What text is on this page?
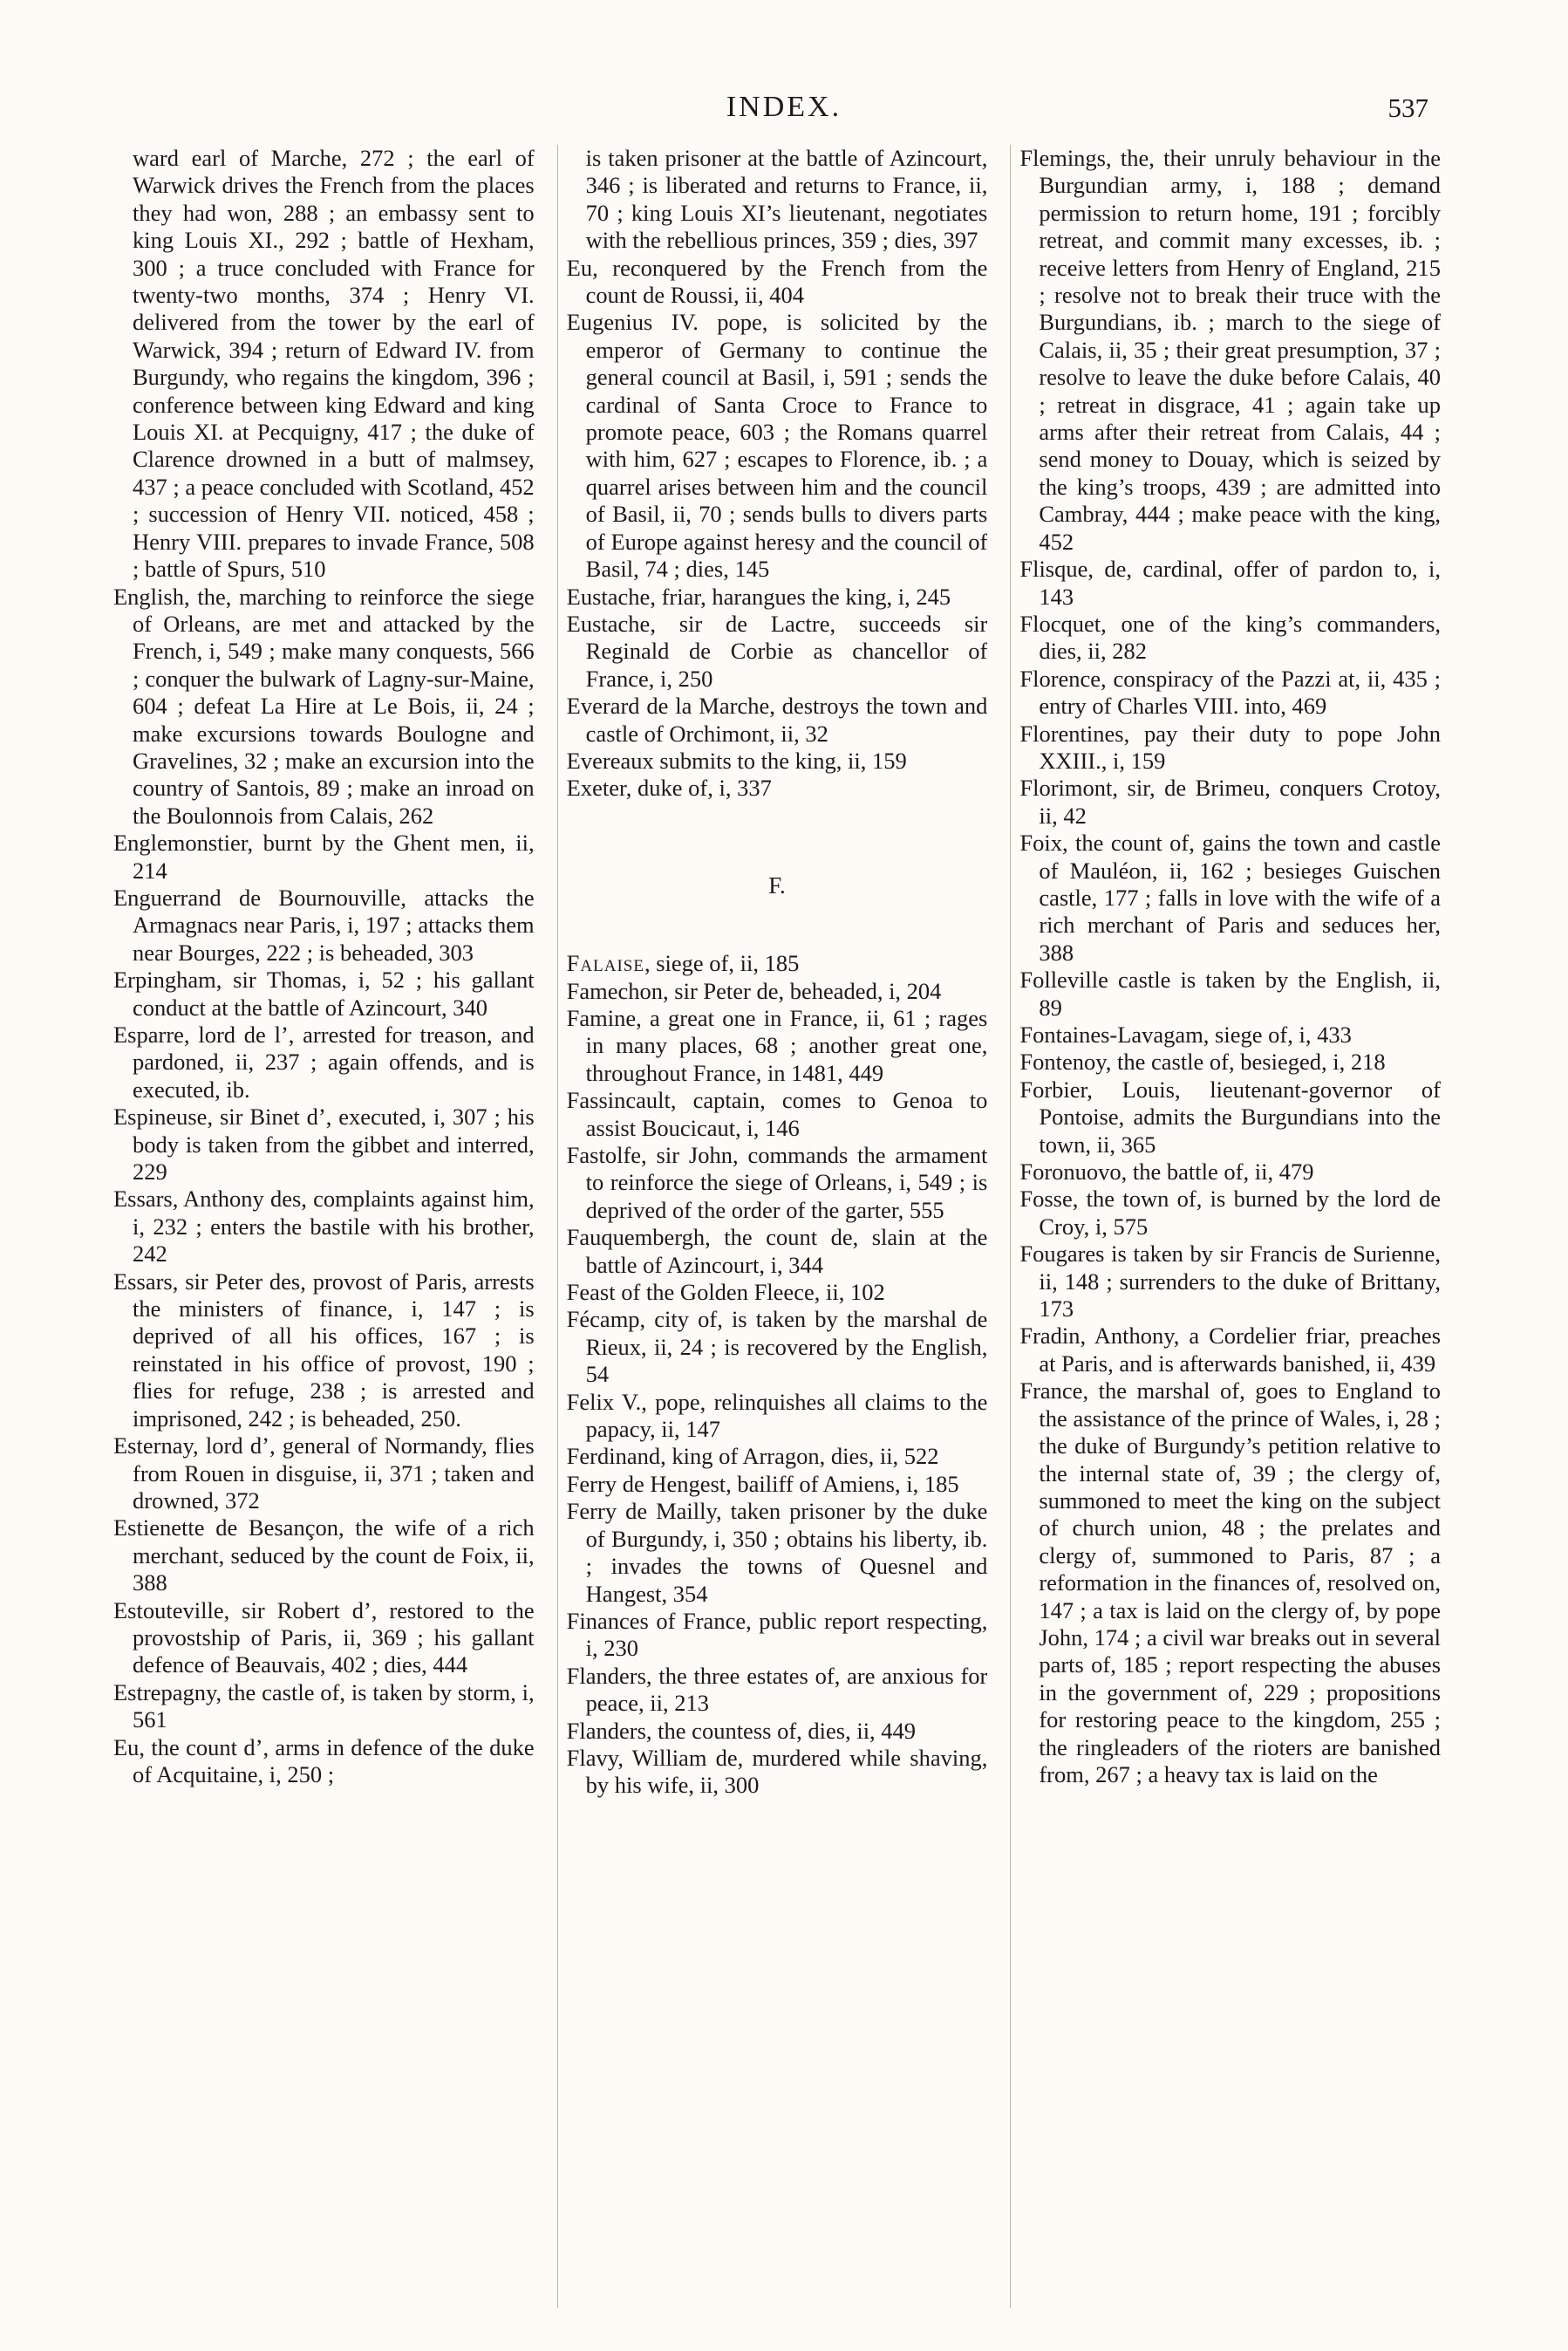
INDEX.	537

ward earl of Marche, 272 ; the earl of Warwick drives the French from the places they had won, 288 ; an embassy sent to king Louis XI., 292 ; battle of Hexham, 300 ; a truce concluded with France for twenty-two months, 374 ; Henry VI. delivered from the tower by the earl of Warwick, 394 ; return of Edward IV. from Burgundy, who regains the kingdom, 396 ; conference between king Edward and king Louis XI. at Pecquigny, 417 ; the duke of Clarence drowned in a butt of malmsey, 437 ; a peace concluded with Scotland, 452 ; succession of Henry VII. noticed, 458 ; Henry VIII. prepares to invade France, 508 ; battle of Spurs, 510

English, the, marching to reinforce the siege of Orleans, are met and attacked by the French, i, 549 ; make many conquests, 566 ; conquer the bulwark of Lagny-sur-Maine, 604 ; defeat La Hire at Le Bois, ii, 24 ; make excursions towards Boulogne and Gravelines, 32 ; make an excursion into the country of Santois, 89 ; make an inroad on the Boulonnois from Calais, 262

Englemonstier, burnt by the Ghent men, ii, 214

Enguerrand de Bournouville, attacks the Armagnacs near Paris, i, 197 ; attacks them near Bourges, 222 ; is beheaded, 303

Erpingham, sir Thomas, i, 52 ; his gallant conduct at the battle of Azincourt, 340

Esparre, lord de l’, arrested for treason, and pardoned, ii, 237 ; again offends, and is executed, ib.

Espineuse, sir Binet d’, executed, i, 307 ; his body is taken from the gibbet and interred, 229

Essars, Anthony des, complaints against him, i, 232 ; enters the bastile with his brother, 242

Essars, sir Peter des, provost of Paris, arrests the ministers of finance, i, 147 ; is deprived of all his offices, 167 ; is reinstated in his office of provost, 190 ; flies for refuge, 238 ; is arrested and imprisoned, 242 ; is beheaded, 250.

Esternay, lord d’, general of Normandy, flies from Rouen in disguise, ii, 371 ; taken and drowned, 372

Estienette de Besançon, the wife of a rich merchant, seduced by the count de Foix, ii, 388

Estouteville, sir Robert d’, restored to the provostship of Paris, ii, 369 ; his gallant defence of Beauvais, 402 ; dies, 444

Estrepagny, the castle of, is taken by storm, i, 561

Eu, the count d’, arms in defence of the duke of Acquitaine, i, 250 ;

is taken prisoner at the battle of Azincourt, 346 ; is liberated and returns to France, ii, 70 ; king Louis XI’s lieutenant, negotiates with the rebellious princes, 359 ; dies, 397

Eu, reconquered by the French from the count de Roussi, ii, 404

Eugenius IV. pope, is solicited by the emperor of Germany to continue the general council at Basil, i, 591 ; sends the cardinal of Santa Croce to France to promote peace, 603 ; the Romans quarrel with him, 627 ; escapes to Florence, ib. ; a quarrel arises between him and the council of Basil, ii, 70 ; sends bulls to divers parts of Europe against heresy and the council of Basil, 74 ; dies, 145

Eustache, friar, harangues the king, i, 245

Eustache, sir de Lactre, succeeds sir Reginald de Corbie as chancellor of France, i, 250

Everard de la Marche, destroys the town and castle of Orchimont, ii, 32

Evereaux submits to the king, ii, 159

Exeter, duke of, i, 337

F.

Falaise, siege of, ii, 185

Famechon, sir Peter de, beheaded, i, 204

Famine, a great one in France, ii, 61 ; rages in many places, 68 ; another great one, throughout France, in 1481, 449

Fassincault, captain, comes to Genoa to assist Boucicaut, i, 146

Fastolfe, sir John, commands the armament to reinforce the siege of Orleans, i, 549 ; is deprived of the order of the garter, 555

Fauquembergh, the count de, slain at the battle of Azincourt, i, 344

Feast of the Golden Fleece, ii, 102

Fécamp, city of, is taken by the marshal de Rieux, ii, 24 ; is recovered by the English, 54

Felix V., pope, relinquishes all claims to the papacy, ii, 147

Ferdinand, king of Arragon, dies, ii, 522

Ferry de Hengest, bailiff of Amiens, i, 185

Ferry de Mailly, taken prisoner by the duke of Burgundy, i, 350 ; obtains his liberty, ib. ; invades the towns of Quesnel and Hangest, 354

Finances of France, public report respecting, i, 230

Flanders, the three estates of, are anxious for peace, ii, 213

Flanders, the countess of, dies, ii, 449

Flavy, William de, murdered while shaving, by his wife, ii, 300

Flemings, the, their unruly behaviour in the Burgundian army, i, 188 ; demand permission to return home, 191 ; forcibly retreat, and commit many excesses, ib. ; receive letters from Henry of England, 215 ; resolve not to break their truce with the Burgundians, ib. ; march to the siege of Calais, ii, 35 ; their great presumption, 37 ; resolve to leave the duke before Calais, 40 ; retreat in disgrace, 41 ; again take up arms after their retreat from Calais, 44 ; send money to Douay, which is seized by the king’s troops, 439 ; are admitted into Cambray, 444 ; make peace with the king, 452

Flisque, de, cardinal, offer of pardon to, i, 143

Flocquet, one of the king’s commanders, dies, ii, 282

Florence, conspiracy of the Pazzi at, ii, 435 ; entry of Charles VIII. into, 469

Florentines, pay their duty to pope John XXIII., i, 159

Florimont, sir, de Brimeu, conquers Crotoy, ii, 42

Foix, the count of, gains the town and castle of Mauléon, ii, 162 ; besieges Guischen castle, 177 ; falls in love with the wife of a rich merchant of Paris and seduces her, 388

Folleville castle is taken by the English, ii, 89

Fontaines-Lavagam, siege of, i, 433

Fontenoy, the castle of, besieged, i, 218

Forbier, Louis, lieutenant-governor of Pontoise, admits the Burgundians into the town, ii, 365

Foronuovo, the battle of, ii, 479

Fosse, the town of, is burned by the lord de Croy, i, 575

Fougares is taken by sir Francis de Surienne, ii, 148 ; surrenders to the duke of Brittany, 173

Fradin, Anthony, a Cordelier friar, preaches at Paris, and is afterwards banished, ii, 439

France, the marshal of, goes to England to the assistance of the prince of Wales, i, 28 ; the duke of Burgundy’s petition relative to the internal state of, 39 ; the clergy of, summoned to meet the king on the subject of church union, 48 ; the prelates and clergy of, summoned to Paris, 87 ; a reformation in the finances of, resolved on, 147 ; a tax is laid on the clergy of, by pope John, 174 ; a civil war breaks out in several parts of, 185 ; report respecting the abuses in the government of, 229 ; propositions for restoring peace to the kingdom, 255 ; the ringleaders of the rioters are banished from, 267 ; a heavy tax is laid on the
